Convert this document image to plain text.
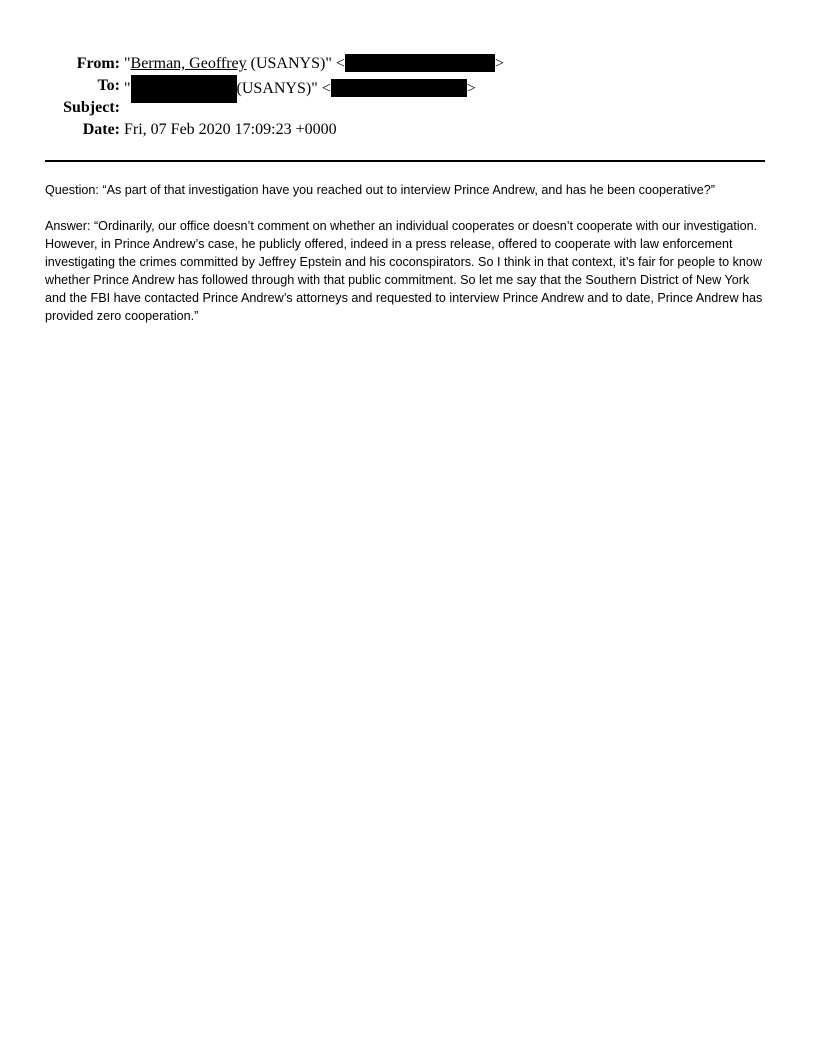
From: "Berman, Geoffrey (USANYS)" <	>
To: "	(USANYS)" <	>
Subject:
Date: Fri, 07 Feb 2020 17:09:23 +0000

Question: “As part of that investigation have you reached out to interview Prince Andrew, and has he been cooperative?”

Answer: “Ordinarily, our office doesn’t comment on whether an individual cooperates or doesn’t cooperate with our investigation. However, in Prince Andrew’s case, he publicly offered, indeed in a press release, offered to cooperate with law enforcement investigating the crimes committed by Jeffrey Epstein and his coconspirators. So I think in that context, it’s fair for people to know whether Prince Andrew has followed through with that public commitment. So let me say that the Southern District of New York and the FBI have contacted Prince Andrew’s attorneys and requested to interview Prince Andrew and to date, Prince Andrew has provided zero cooperation.”
